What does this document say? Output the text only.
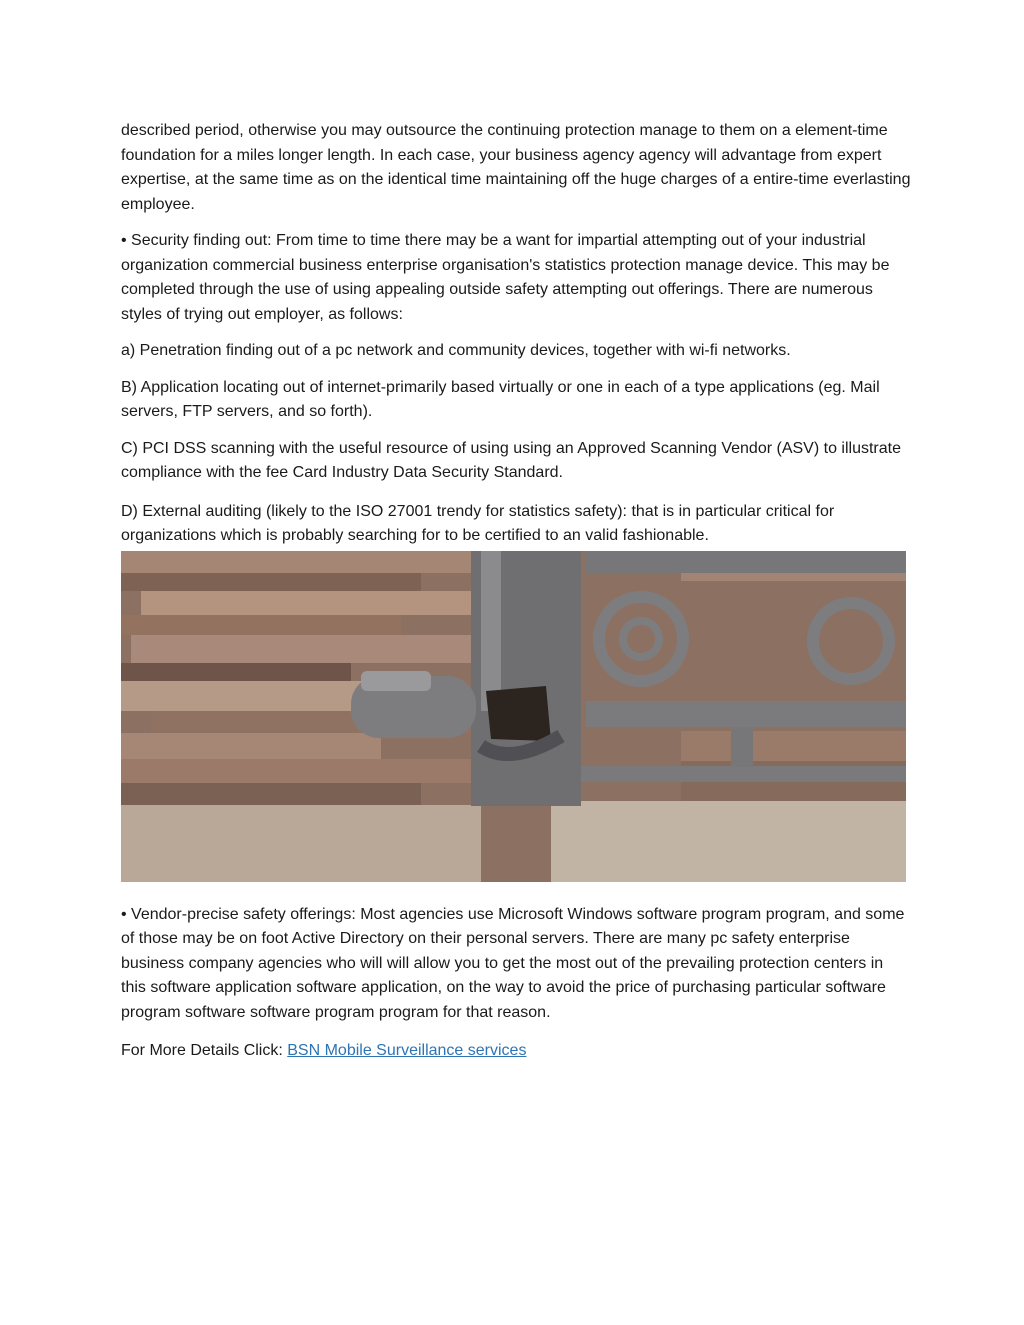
described period, otherwise you may outsource the continuing protection manage to them on a element-time foundation for a miles longer length. In each case, your business agency agency will advantage from expert expertise, at the same time as on the identical time maintaining off the huge charges of a entire-time everlasting employee.

• Security finding out: From time to time there may be a want for impartial attempting out of your industrial organization commercial business enterprise organisation's statistics protection manage device. This may be completed through the use of using appealing outside safety attempting out offerings. There are numerous styles of trying out employer, as follows:

a) Penetration finding out of a pc network and community devices, together with wi-fi networks.

B) Application locating out of internet-primarily based virtually or one in each of a type applications (eg. Mail servers, FTP servers, and so forth).

C) PCI DSS scanning with the useful resource of using using an Approved Scanning Vendor (ASV) to illustrate compliance with the fee Card Industry Data Security Standard.

D) External auditing (likely to the ISO 27001 trendy for statistics safety): that is in particular critical for organizations which is probably searching for to be certified to an valid fashionable.

• Vendor-precise safety offerings: Most agencies use Microsoft Windows software program program, and some of those may be on foot Active Directory on their personal servers. There are many pc safety enterprise business company agencies who will will allow you to get the most out of the prevailing protection centers in this software application software application, on the way to avoid the price of purchasing particular software program software software program program for that reason.

For More Details Click: BSN Mobile Surveillance services
